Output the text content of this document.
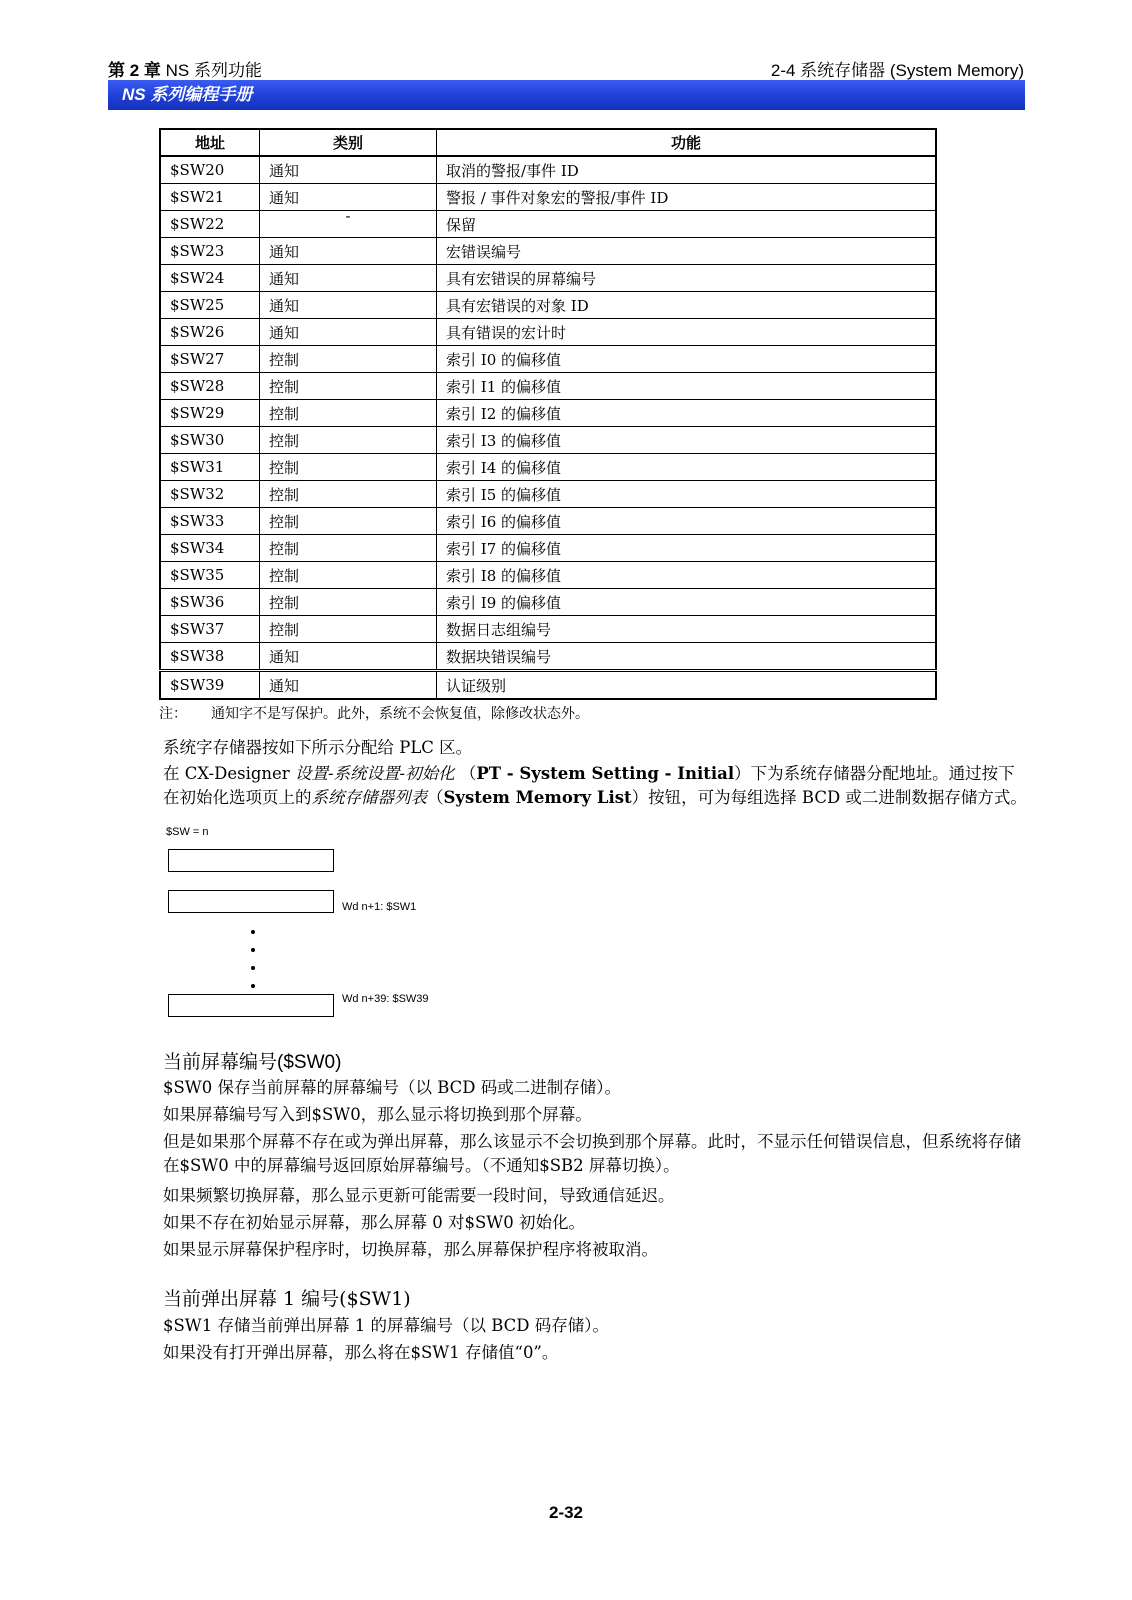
第 2 章 NS 系列功能	2-4 系统存储器 (System Memory)
NS 系列编程手册
地址	类别	功能
$SW20	通知	取消的警报/事件 ID
$SW21	通知	警报 / 事件对象宏的警报/事件 ID
$SW22	-	保留
$SW23	通知	宏错误编号
$SW24	通知	具有宏错误的屏幕编号
$SW25	通知	具有宏错误的对象 ID
$SW26	通知	具有错误的宏计时
$SW27	控制	索引 I0 的偏移值
$SW28	控制	索引 I1 的偏移值
$SW29	控制	索引 I2 的偏移值
$SW30	控制	索引 I3 的偏移值
$SW31	控制	索引 I4 的偏移值
$SW32	控制	索引 I5 的偏移值
$SW33	控制	索引 I6 的偏移值
$SW34	控制	索引 I7 的偏移值
$SW35	控制	索引 I8 的偏移值
$SW36	控制	索引 I9 的偏移值
$SW37	控制	数据日志组编号
$SW38	通知	数据块错误编号
$SW39	通知	认证级别
注： 通知字不是写保护。此外，系统不会恢复值，除修改状态外。
系统字存储器按如下所示分配给 PLC 区。
在 CX-Designer 设置-系统设置-初始化 （PT - System Setting - Initial）下为系统存储器分配地址。通过按下在初始化选项页上的系统存储器列表（System Memory List）按钮，可为每组选择 BCD 或二进制数据存储方式。
$SW = n
Wd n+1: $SW1
Wd n+39: $SW39
当前屏幕编号($SW0)
$SW0 保存当前屏幕的屏幕编号（以 BCD 码或二进制存储）。
如果屏幕编号写入到$SW0，那么显示将切换到那个屏幕。
但是如果那个屏幕不存在或为弹出屏幕，那么该显示不会切换到那个屏幕。此时，不显示任何错误信息，但系统将存储在$SW0 中的屏幕编号返回原始屏幕编号。（不通知$SB2 屏幕切换）。
如果频繁切换屏幕，那么显示更新可能需要一段时间，导致通信延迟。
如果不存在初始显示屏幕，那么屏幕 0 对$SW0 初始化。
如果显示屏幕保护程序时，切换屏幕，那么屏幕保护程序将被取消。
当前弹出屏幕 1 编号($SW1)
$SW1 存储当前弹出屏幕 1 的屏幕编号（以 BCD 码存储）。
如果没有打开弹出屏幕，那么将在$SW1 存储值“0”。
2-32
